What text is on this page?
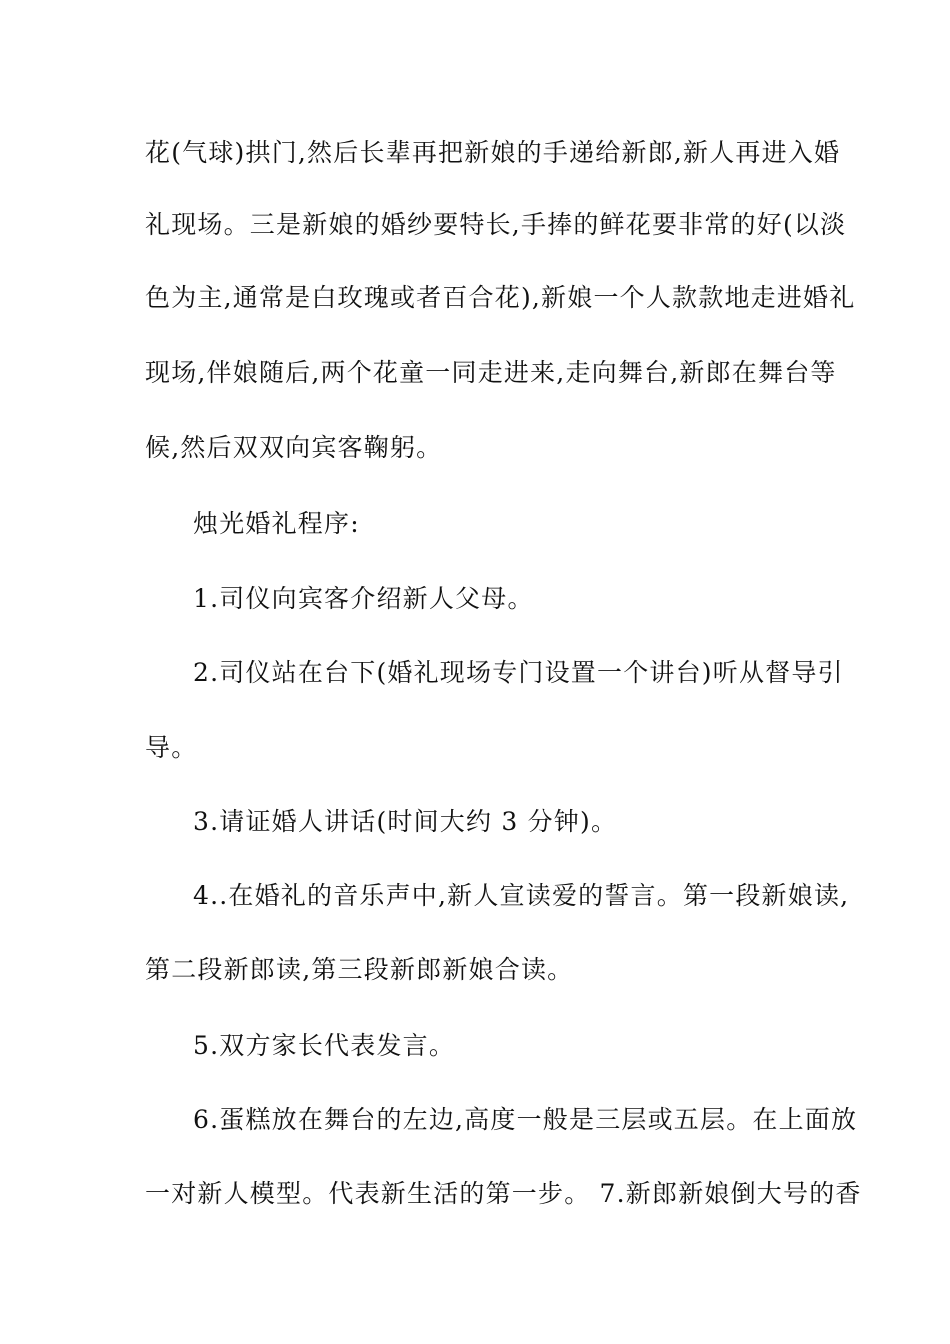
花(气球)拱门,然后长辈再把新娘的手递给新郎,新人再进入婚
礼现场。三是新娘的婚纱要特长,手捧的鲜花要非常的好(以淡
色为主,通常是白玫瑰或者百合花),新娘一个人款款地走进婚礼
现场,伴娘随后,两个花童一同走进来,走向舞台,新郎在舞台等
候,然后双双向宾客鞠躬。
烛光婚礼程序:
1.司仪向宾客介绍新人父母。
2.司仪站在台下(婚礼现场专门设置一个讲台)听从督导引
导。
3.请证婚人讲话(时间大约 3 分钟)。
4..在婚礼的音乐声中,新人宣读爱的誓言。第一段新娘读,
第二段新郎读,第三段新郎新娘合读。
5.双方家长代表发言。
6.蛋糕放在舞台的左边,高度一般是三层或五层。在上面放
一对新人模型。代表新生活的第一步。 7.新郎新娘倒大号的香
